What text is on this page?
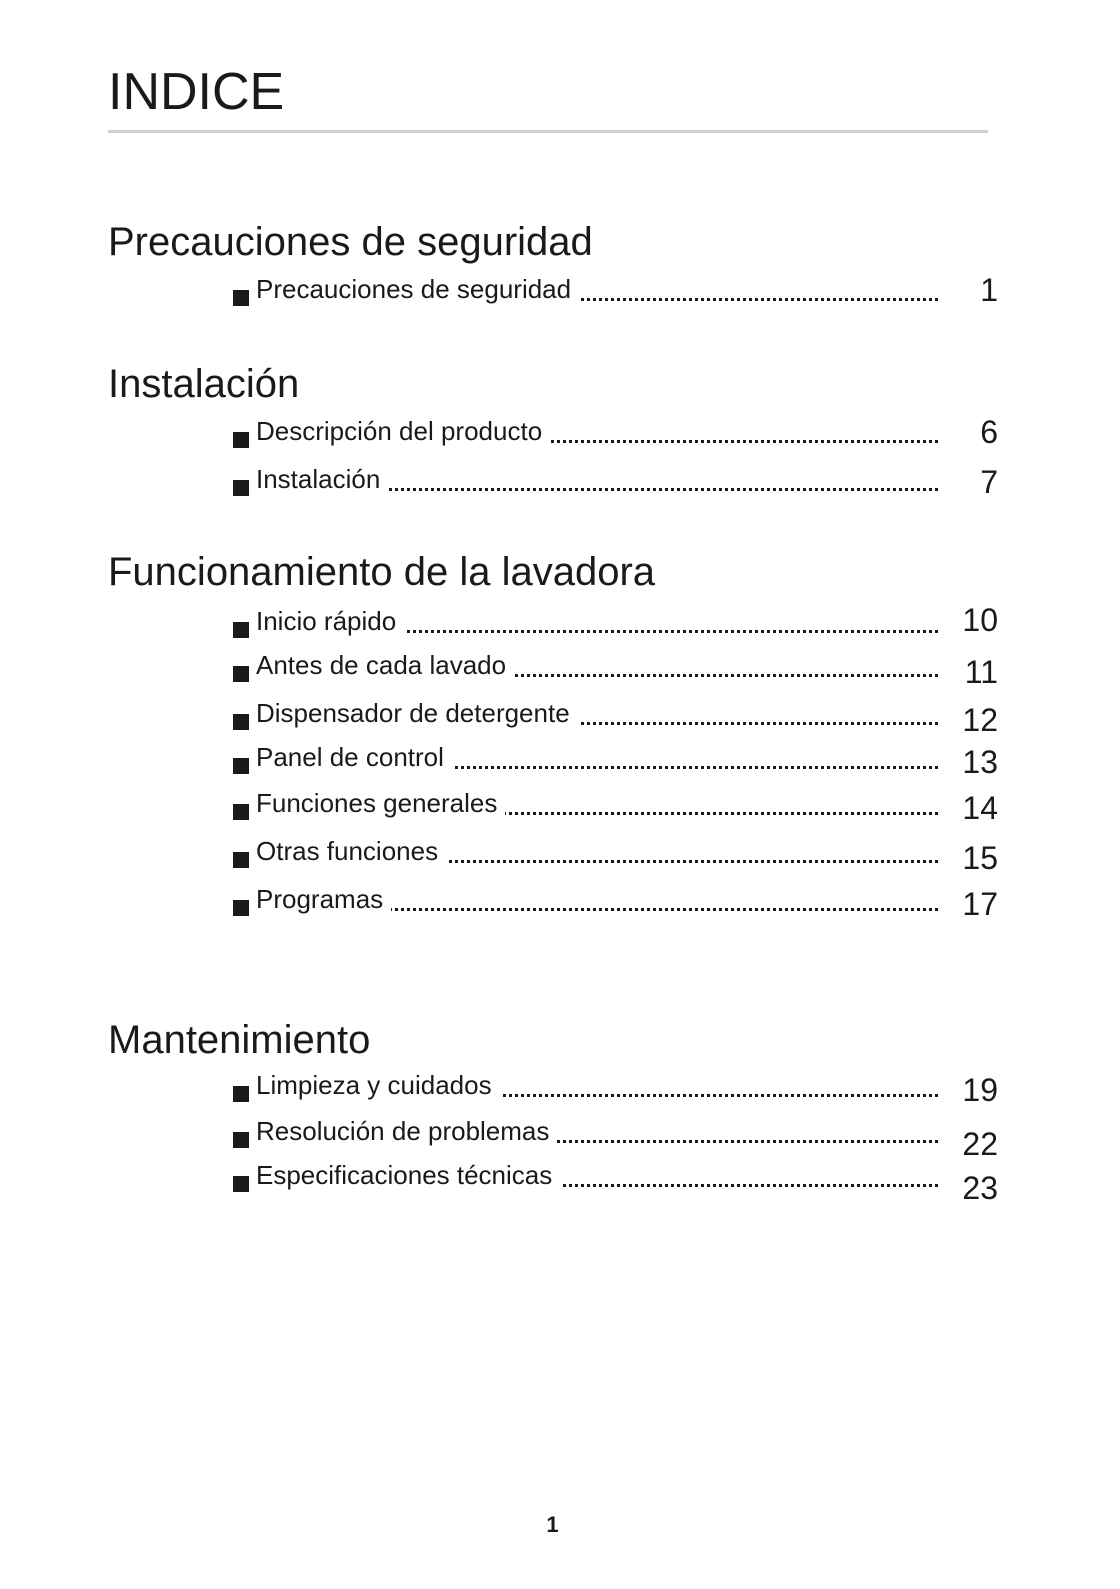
INDICE
Precauciones de seguridad
Precauciones de seguridad	1
Instalación
Descripción del producto	6
Instalación	7
Funcionamiento de la lavadora
Inicio rápido	10
Antes de cada lavado	11
Dispensador de detergente	12
Panel de control	13
Funciones generales	14
Otras funciones	15
Programas	17
Mantenimiento
Limpieza y cuidados	19
Resolución de problemas	22
Especificaciones técnicas	23
1
